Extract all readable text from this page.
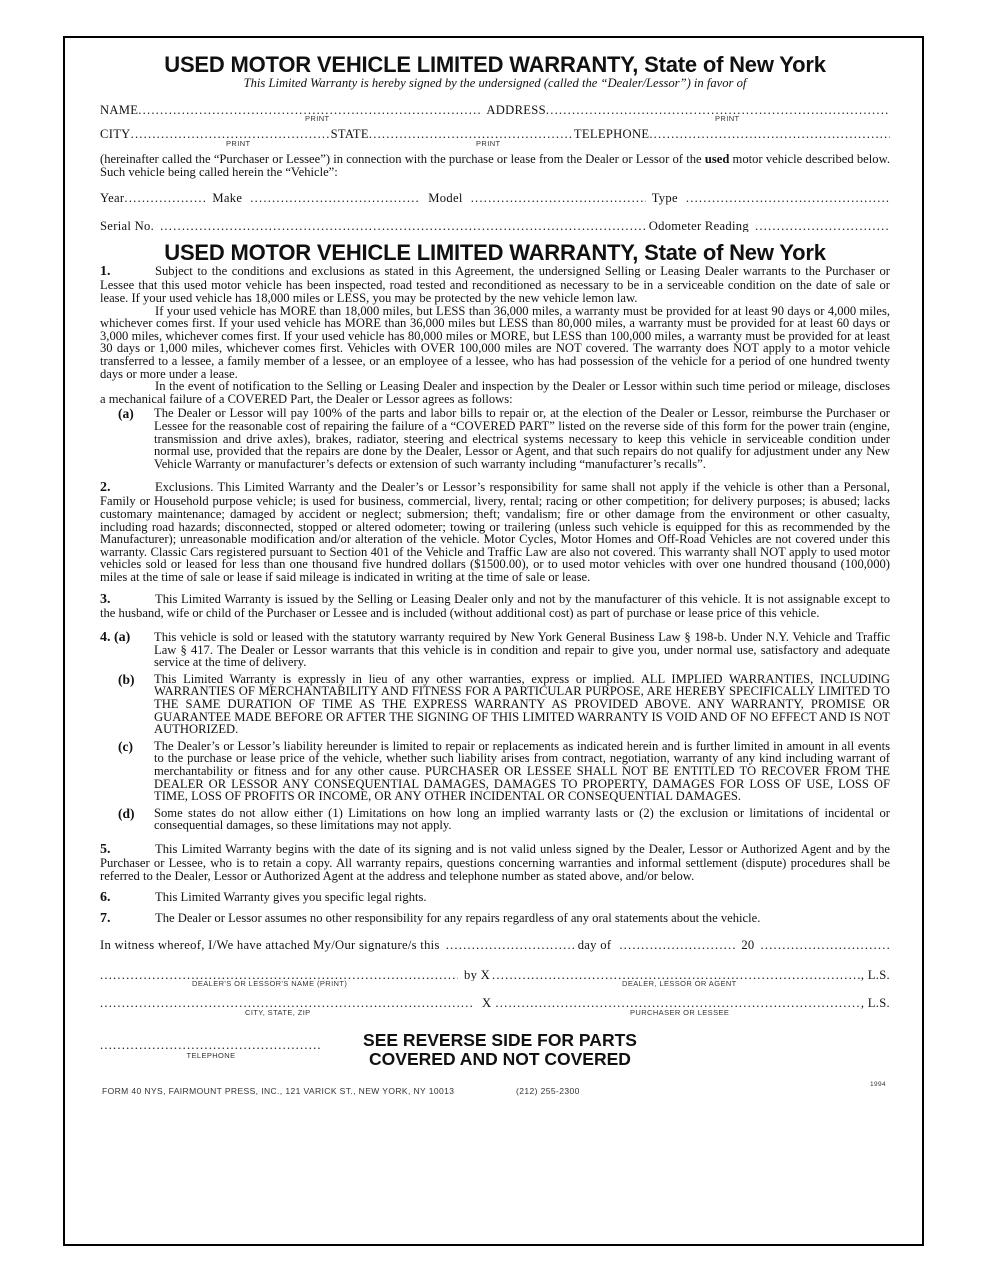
USED MOTOR VEHICLE LIMITED WARRANTY, State of New York
This Limited Warranty is hereby signed by the undersigned (called the “Dealer/Lessor”) in favor of
NAME .....	ADDRESS
.....
PRINT	PRINT
CITY .....	STATE .....	TELEPHONE
.....
PRINT	PRINT

(hereinafter called the “Purchaser or Lessee”) in connection with the purchase or lease from the Dealer or Lessor of the used motor vehicle described below. Such vehicle being called herein the “Vehicle”:

Year .....	Make .....	Model .....	Type
.....
Serial No. .....	Odometer Reading
.....
USED MOTOR VEHICLE LIMITED WARRANTY, State of New York

1.	Subject to the conditions and exclusions as stated in this Agreement, the undersigned Selling or Leasing Dealer warrants to the Purchaser or Lessee that this used motor vehicle has been inspected, road tested and reconditioned as necessary to be in a serviceable condition on the date of sale or lease. If your used vehicle has 18,000 miles or LESS, you may be protected by the new vehicle lemon law.

If your used vehicle has MORE than 18,000 miles, but LESS than 36,000 miles, a warranty must be provided for at least 90 days or 4,000 miles, whichever comes first. If your used vehicle has MORE than 36,000 miles but LESS than 80,000 miles, a warranty must be provided for at least 60 days or 3,000 miles, whichever comes first. If your used vehicle has 80,000 miles or MORE, but LESS than 100,000 miles, a warranty must be provided for at least 30 days or 1,000 miles, whichever comes first. Vehicles with OVER 100,000 miles are NOT covered. The warranty does NOT apply to a motor vehicle transferred to a lessee, a family member of a lessee, or an employee of a lessee, who has had possession of the vehicle for a period of one hundred twenty days or more under a lease.

In the event of notification to the Selling or Leasing Dealer and inspection by the Dealer or Lessor within such time period or mileage, discloses a mechanical failure of a COVERED Part, the Dealer or Lessor agrees as follows:

(a)	The Dealer or Lessor will pay 100% of the parts and labor bills to repair or, at the election of the Dealer or Lessor, reimburse the Purchaser or Lessee for the reasonable cost of repairing the failure of a “COVERED PART” listed on the reverse side of this form for the power train (engine, transmission and drive axles), brakes, radiator, steering and electrical systems necessary to keep this vehicle in serviceable condition under normal use, provided that the repairs are done by the Dealer, Lessor or Agent, and that such repairs do not qualify for adjustment under any New Vehicle Warranty or manufacturer’s defects or extension of such warranty including “manufacturer’s recalls”.

2.	Exclusions. This Limited Warranty and the Dealer’s or Lessor’s responsibility for same shall not apply if the vehicle is other than a Personal, Family or Household purpose vehicle; is used for business, commercial, livery, rental; racing or other competition; for delivery purposes; is abused; lacks customary maintenance; damaged by accident or neglect; submersion; theft; vandalism; fire or other damage from the environment or other casualty, including road hazards; disconnected, stopped or altered odometer; towing or trailering (unless such vehicle is equipped for this as recommended by the Manufacturer); unreasonable modification and/or alteration of the vehicle. Motor Cycles, Motor Homes and Off-Road Vehicles are not covered under this warranty. Classic Cars registered pursuant to Section 401 of the Vehicle and Traffic Law are also not covered. This warranty shall NOT apply to used motor vehicles sold or leased for less than one thousand five hundred dollars ($1500.00), or to used motor vehicles with over one hundred thousand (100,000) miles at the time of sale or lease if said mileage is indicated in writing at the time of sale or lease.

3.	This Limited Warranty is issued by the Selling or Leasing Dealer only and not by the manufacturer of this vehicle. It is not assignable except to the husband, wife or child of the Purchaser or Lessee and is included (without additional cost) as part of purchase or lease price of this vehicle.

4. (a)	This vehicle is sold or leased with the statutory warranty required by New York General Business Law § 198-b. Under N.Y. Vehicle and Traffic Law § 417. The Dealer or Lessor warrants that this vehicle is in condition and repair to give you, under normal use, satisfactory and adequate service at the time of delivery.
(b)	This Limited Warranty is expressly in lieu of any other warranties, express or implied. ALL IMPLIED WARRANTIES, INCLUDING WARRANTIES OF MERCHANTABILITY AND FITNESS FOR A PARTICULAR PURPOSE, ARE HEREBY SPECIFICALLY LIMITED TO THE SAME DURATION OF TIME AS THE EXPRESS WARRANTY AS PROVIDED ABOVE. ANY WARRANTY, PROMISE OR GUARANTEE MADE BEFORE OR AFTER THE SIGNING OF THIS LIMITED WARRANTY IS VOID AND OF NO EFFECT AND IS NOT AUTHORIZED.
(c)	The Dealer’s or Lessor’s liability hereunder is limited to repair or replacements as indicated herein and is further limited in amount in all events to the purchase or lease price of the vehicle, whether such liability arises from contract, negotiation, warranty of any kind including warrant of merchantability or fitness and for any other cause. PURCHASER OR LESSEE SHALL NOT BE ENTITLED TO RECOVER FROM THE DEALER OR LESSOR ANY CONSEQUENTIAL DAMAGES, DAMAGES TO PROPERTY, DAMAGES FOR LOSS OF USE, LOSS OF TIME, LOSS OF PROFITS OR INCOME, OR ANY OTHER INCIDENTAL OR CONSEQUENTIAL DAMAGES.
(d)	Some states do not allow either (1) Limitations on how long an implied warranty lasts or (2) the exclusion or limitations of incidental or consequential damages, so these limitations may not apply.

5.	This Limited Warranty begins with the date of its signing and is not valid unless signed by the Dealer, Lessor or Authorized Agent and by the Purchaser or Lessee, who is to retain a copy. All warranty repairs, questions concerning warranties and informal settlement (dispute) procedures shall be referred to the Dealer, Lessor or Authorized Agent at the address and telephone number as stated above, and/or below.

6.	This Limited Warranty gives you specific legal rights.

7.	The Dealer or Lessor assumes no other responsibility for any repairs regardless of any oral statements about the vehicle.

In witness whereof, I/We have attached My/Our signature/s this .....	day of .....	20
.....
.....
by X .....	, L.S.
DEALER'S OR LESSOR'S NAME (PRINT)	DEALER, LESSOR OR AGENT
.....
X .....	, L.S.
CITY, STATE, ZIP	PURCHASER OR LESSEE
.....
TELEPHONE
SEE REVERSE SIDE FOR PARTS
COVERED AND NOT COVERED
FORM 40 NYS, FAIRMOUNT PRESS, INC., 121 VARICK ST., NEW YORK, NY 10013	(212) 255-2300
1994
